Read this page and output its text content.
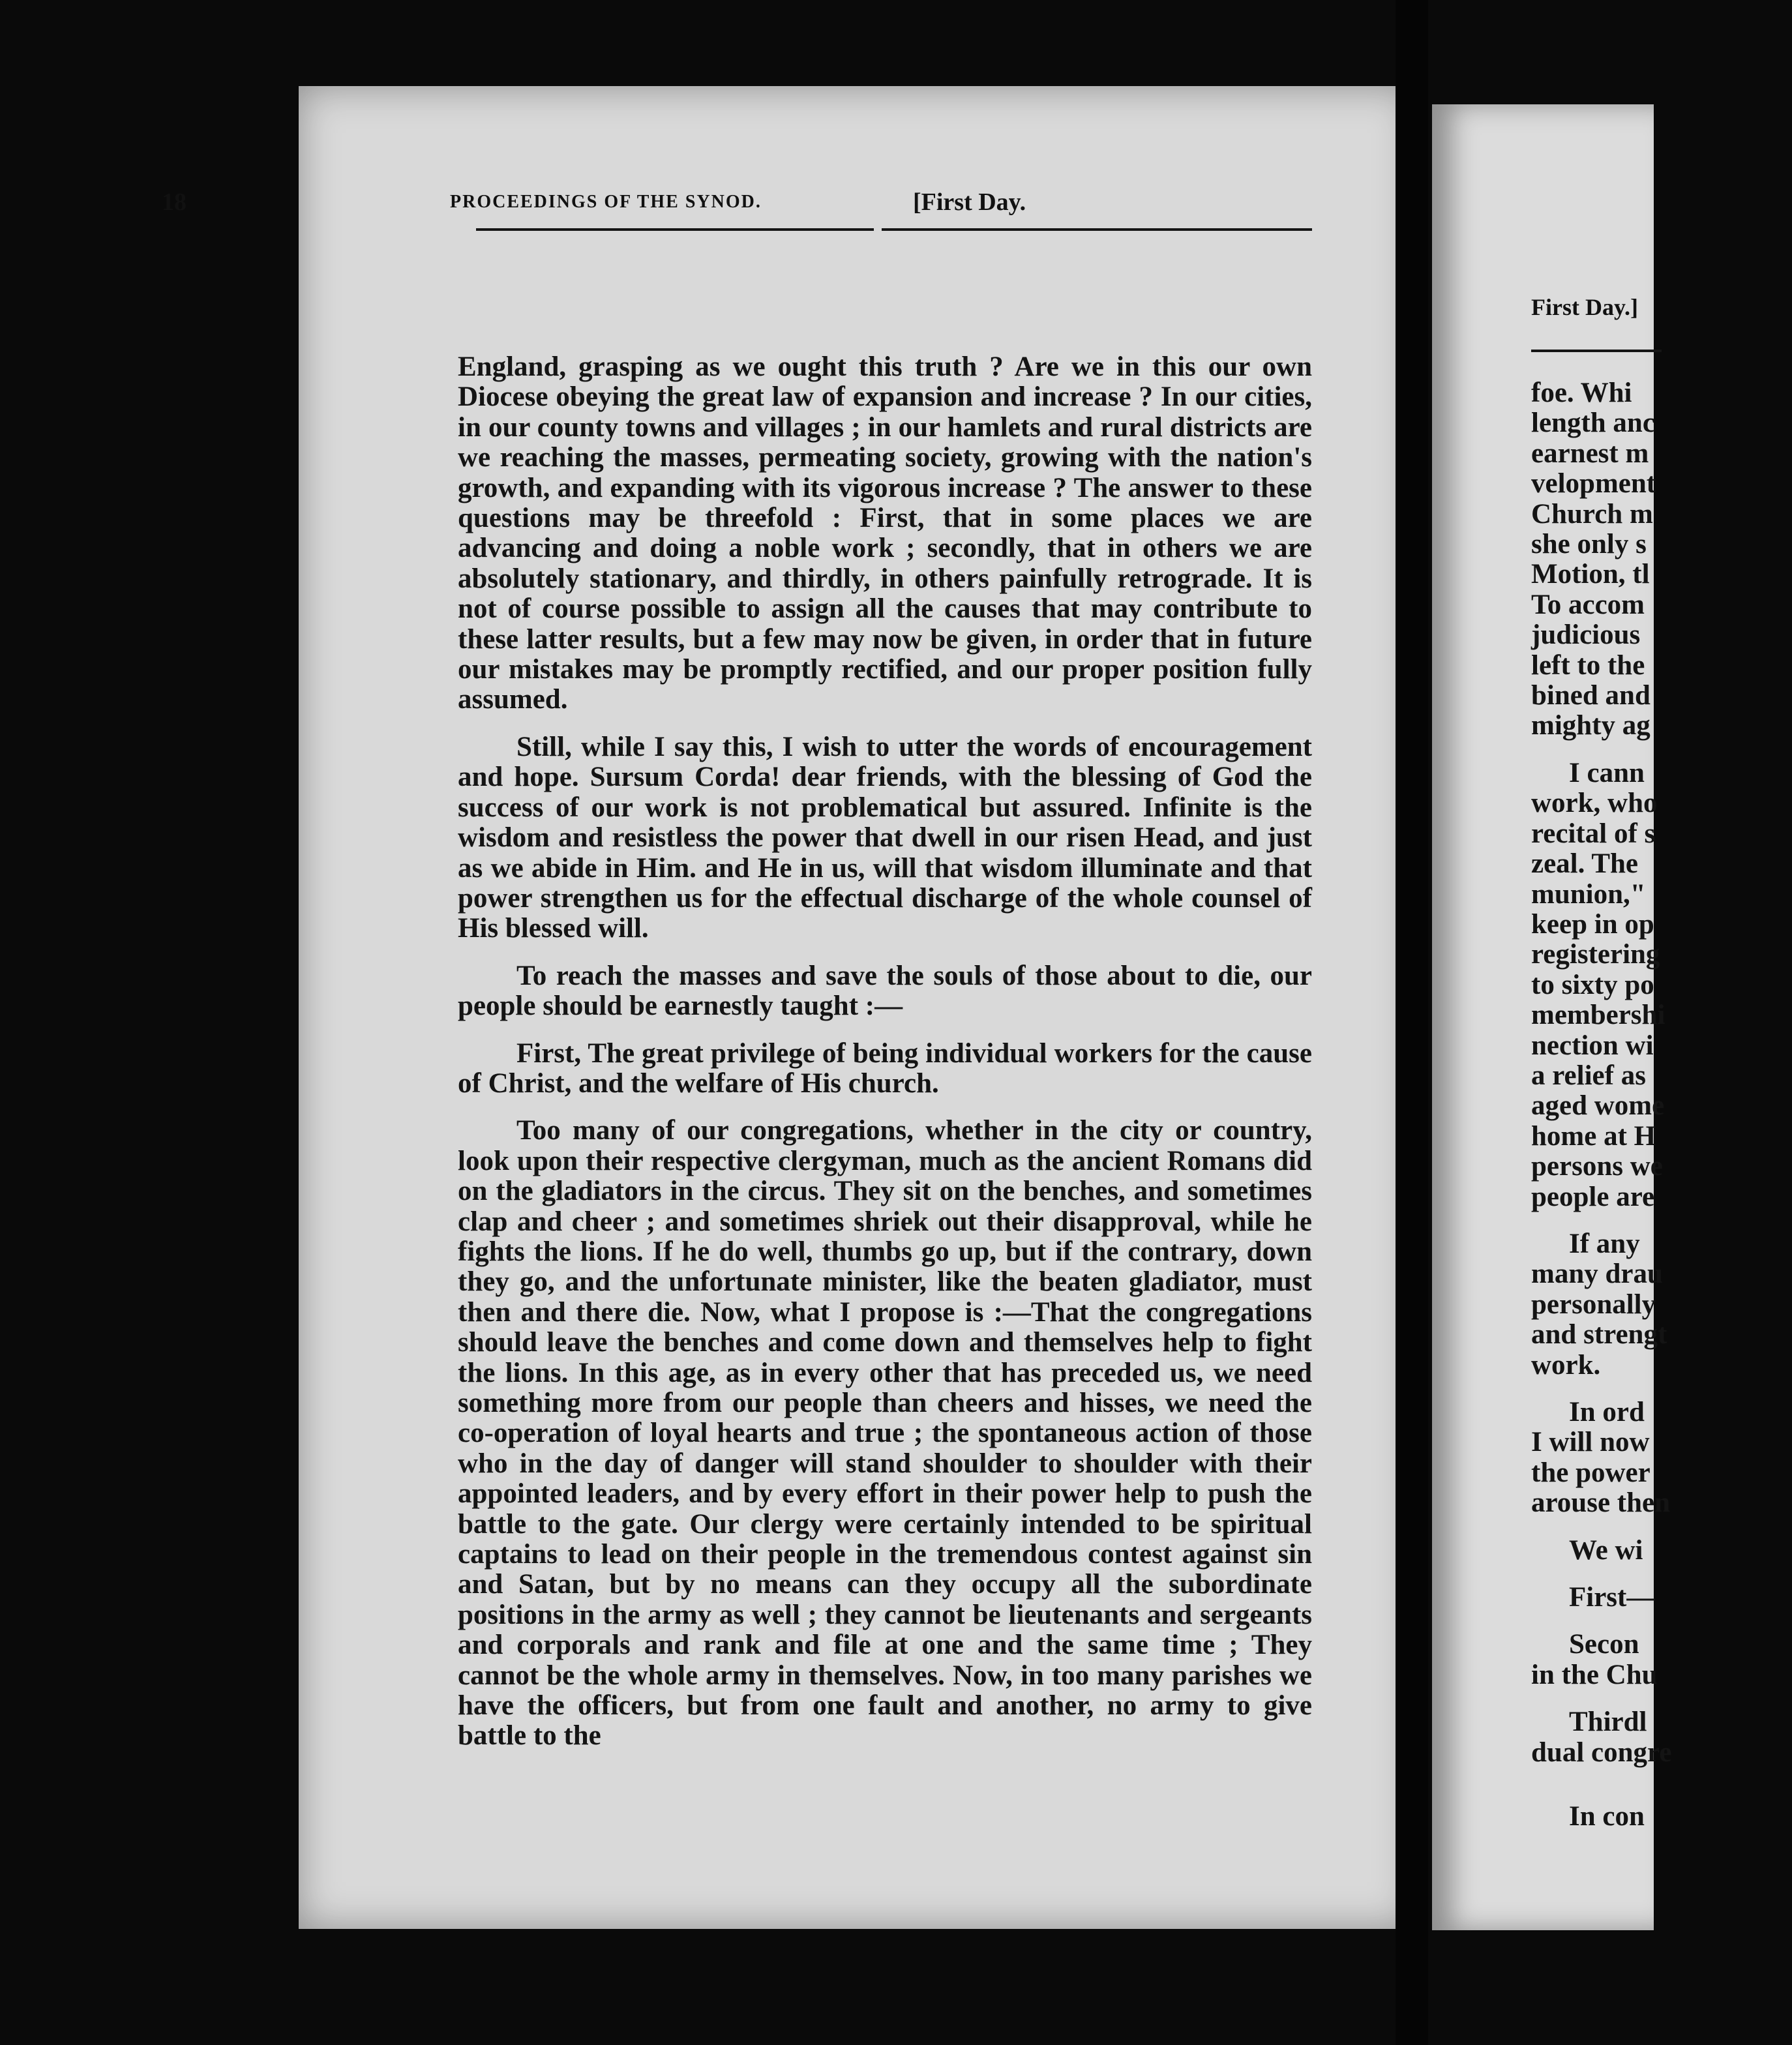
First Day.]
foe. Whi
length anc
earnest m
velopment
Church m
she only s
Motion, tl
To accom
judicious
left to the
bined and
mighty ag
I cann
work, who
recital of s
zeal. The
munion,"
keep in op
registering
to sixty po
membershi
nection wi
a relief as
aged wome
home at H
persons we
people are
If any
many drau
personally
and strengt
work.
In ord
I will now
the power
arouse then
We wi
First—
Secon
in the Chu
Thirdl
dual congre
In con
18	PROCEEDINGS OF THE SYNOD.	[First Day.

England, grasping as we ought this truth ? Are we in this our own Diocese obeying the great law of expansion and increase ? In our cities, in our county towns and villages ; in our hamlets and rural districts are we reaching the masses, permeating society, growing with the nation's growth, and expanding with its vigorous increase ? The answer to these questions may be threefold : First, that in some places we are advancing and doing a noble work ; secondly, that in others we are absolutely stationary, and thirdly, in others painfully retrograde. It is not of course possible to assign all the causes that may contribute to these latter results, but a few may now be given, in order that in future our mistakes may be promptly rectified, and our proper position fully assumed.

Still, while I say this, I wish to utter the words of encouragement and hope. Sursum Corda! dear friends, with the blessing of God the success of our work is not problematical but assured. Infinite is the wisdom and resistless the power that dwell in our risen Head, and just as we abide in Him. and He in us, will that wisdom illuminate and that power strengthen us for the effectual discharge of the whole counsel of His blessed will.

To reach the masses and save the souls of those about to die, our people should be earnestly taught :—

First, The great privilege of being individual workers for the cause of Christ, and the welfare of His church.

Too many of our congregations, whether in the city or country, look upon their respective clergyman, much as the ancient Romans did on the gladiators in the circus. They sit on the benches, and sometimes clap and cheer ; and sometimes shriek out their disapproval, while he fights the lions. If he do well, thumbs go up, but if the contrary, down they go, and the unfortunate minister, like the beaten gladiator, must then and there die. Now, what I propose is :—That the congregations should leave the benches and come down and themselves help to fight the lions. In this age, as in every other that has preceded us, we need something more from our people than cheers and hisses, we need the co-operation of loyal hearts and true ; the spontaneous action of those who in the day of danger will stand shoulder to shoulder with their appointed leaders, and by every effort in their power help to push the battle to the gate. Our clergy were certainly intended to be spiritual captains to lead on their people in the tremendous contest against sin and Satan, but by no means can they occupy all the subordinate positions in the army as well ; they cannot be lieutenants and sergeants and corporals and rank and file at one and the same time ; They cannot be the whole army in themselves. Now, in too many parishes we have the officers, but from one fault and another, no army to give battle to the
